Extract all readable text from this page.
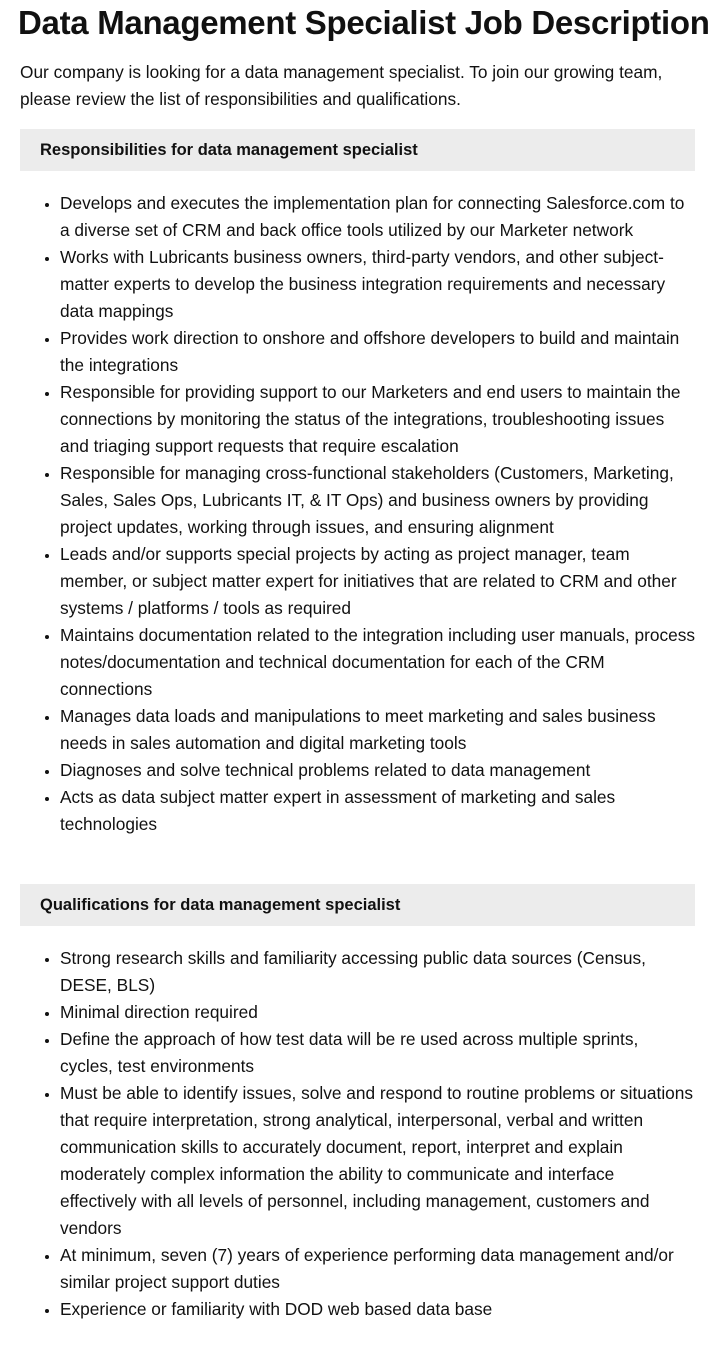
Data Management Specialist Job Description

Our company is looking for a data management specialist. To join our growing team, please review the list of responsibilities and qualifications.

Responsibilities for data management specialist
• Develops and executes the implementation plan for connecting Salesforce.com to a diverse set of CRM and back office tools utilized by our Marketer network
• Works with Lubricants business owners, third-party vendors, and other subject-matter experts to develop the business integration requirements and necessary data mappings
• Provides work direction to onshore and offshore developers to build and maintain the integrations
• Responsible for providing support to our Marketers and end users to maintain the connections by monitoring the status of the integrations, troubleshooting issues and triaging support requests that require escalation
• Responsible for managing cross-functional stakeholders (Customers, Marketing, Sales, Sales Ops, Lubricants IT, & IT Ops) and business owners by providing project updates, working through issues, and ensuring alignment
• Leads and/or supports special projects by acting as project manager, team member, or subject matter expert for initiatives that are related to CRM and other systems / platforms / tools as required
• Maintains documentation related to the integration including user manuals, process notes/documentation and technical documentation for each of the CRM connections
• Manages data loads and manipulations to meet marketing and sales business needs in sales automation and digital marketing tools
• Diagnoses and solve technical problems related to data management
• Acts as data subject matter expert in assessment of marketing and sales technologies
Qualifications for data management specialist
• Strong research skills and familiarity accessing public data sources (Census, DESE, BLS)
• Minimal direction required
• Define the approach of how test data will be re used across multiple sprints, cycles, test environments
• Must be able to identify issues, solve and respond to routine problems or situations that require interpretation, strong analytical, interpersonal, verbal and written communication skills to accurately document, report, interpret and explain moderately complex information the ability to communicate and interface effectively with all levels of personnel, including management, customers and vendors
• At minimum, seven (7) years of experience performing data management and/or similar project support duties
• Experience or familiarity with DOD web based data base
